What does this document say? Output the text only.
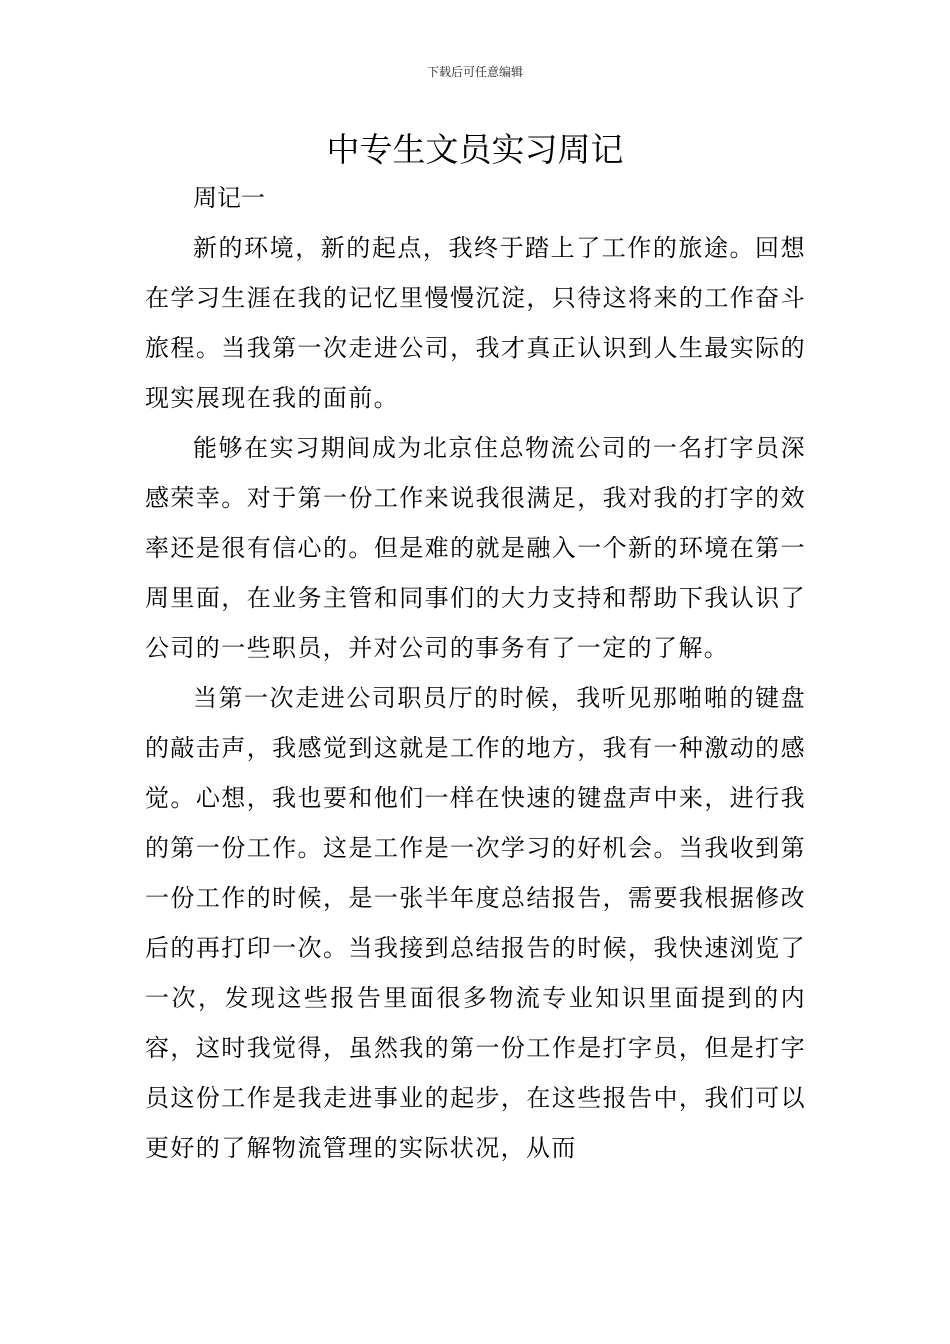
下载后可任意编辑
中专生文员实习周记

周记一

新的环境，新的起点，我终于踏上了工作的旅途。回想在学习生涯在我的记忆里慢慢沉淀，只待这将来的工作奋斗旅程。当我第一次走进公司，我才真正认识到人生最实际的现实展现在我的面前。

能够在实习期间成为北京住总物流公司的一名打字员深感荣幸。对于第一份工作来说我很满足，我对我的打字的效率还是很有信心的。但是难的就是融入一个新的环境在第一周里面，在业务主管和同事们的大力支持和帮助下我认识了公司的一些职员，并对公司的事务有了一定的了解。

当第一次走进公司职员厅的时候，我听见那啪啪的键盘的敲击声，我感觉到这就是工作的地方，我有一种激动的感觉。心想，我也要和他们一样在快速的键盘声中来，进行我的第一份工作。这是工作是一次学习的好机会。当我收到第一份工作的时候，是一张半年度总结报告，需要我根据修改后的再打印一次。当我接到总结报告的时候，我快速浏览了一次，发现这些报告里面很多物流专业知识里面提到的内容，这时我觉得，虽然我的第一份工作是打字员，但是打字员这份工作是我走进事业的起步，在这些报告中，我们可以更好的了解物流管理的实际状况，从而
